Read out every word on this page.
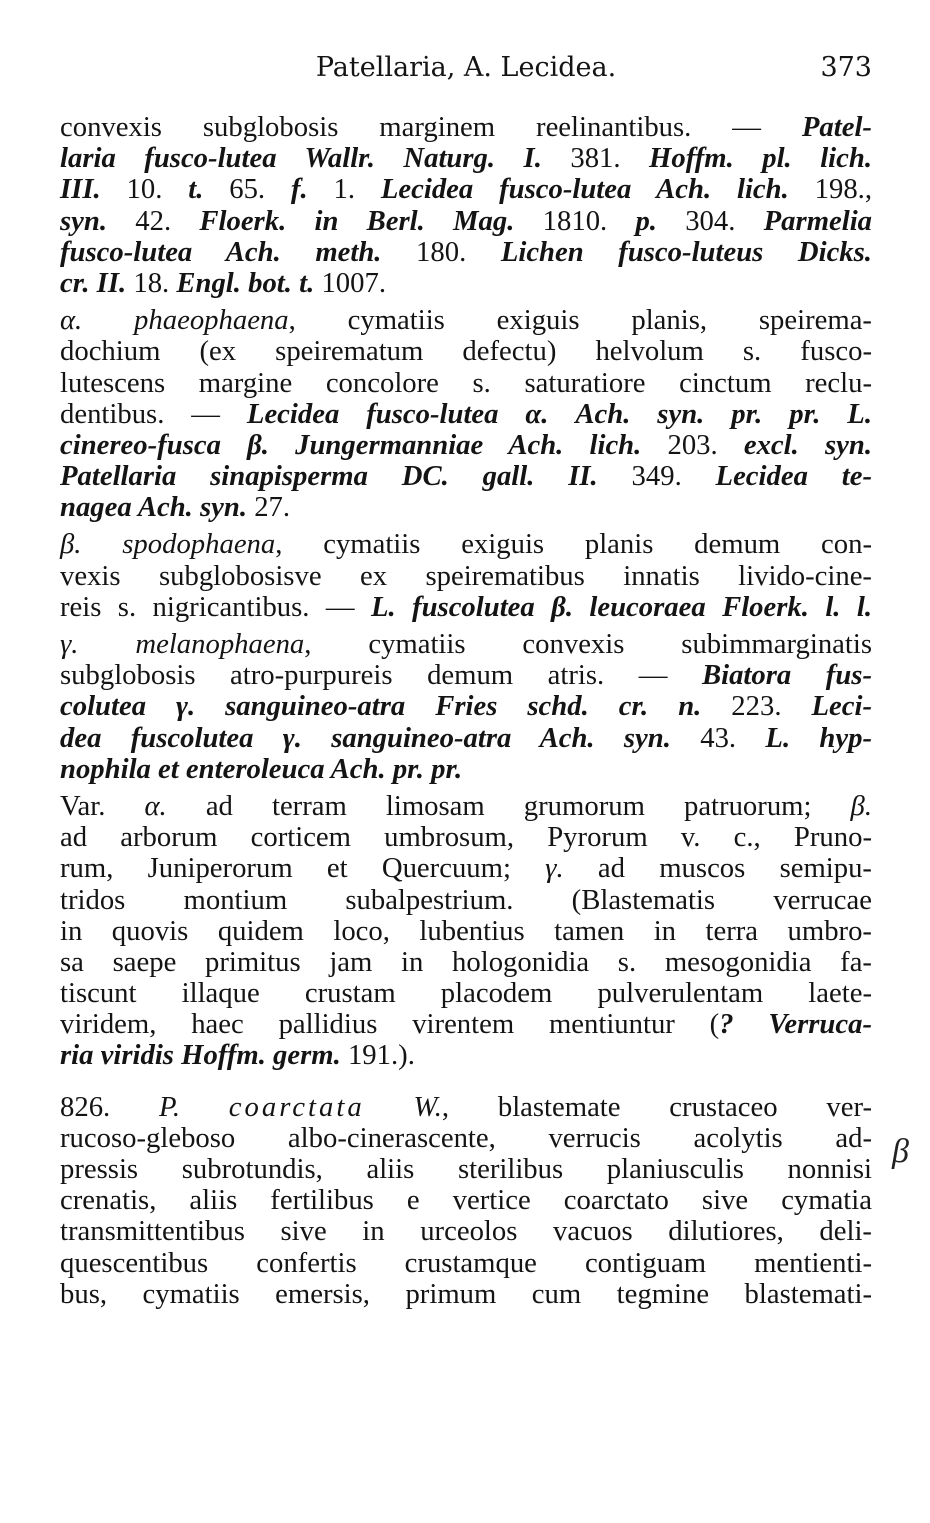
Patellaria, A. Lecidea.	373
convexis subglobosis marginem reelinantibus. — Patel-
laria fusco-lutea Wallr. Naturg. I. 381. Hoffm. pl. lich.
III. 10. t. 65. f. 1. Lecidea fusco-lutea Ach. lich. 198.,
syn. 42. Floerk. in Berl. Mag. 1810. p. 304. Parmelia
fusco-lutea Ach. meth. 180. Lichen fusco-luteus Dicks.
cr. II. 18. Engl. bot. t. 1007.
α. phaeophaena, cymatiis exiguis planis, speirema-
dochium (ex speirematum defectu) helvolum s. fusco-
lutescens margine concolore s. saturatiore cinctum reclu-
dentibus. — Lecidea fusco-lutea α. Ach. syn. pr. pr. L.
cinereo-fusca β. Jungermanniae Ach. lich. 203. excl. syn.
Patellaria sinapisperma DC. gall. II. 349. Lecidea te-
nagea Ach. syn. 27.
β. spodophaena, cymatiis exiguis planis demum con-
vexis subglobosisve ex speirematibus innatis livido-cine-
reis s. nigricantibus. — L. fuscolutea β. leucoraea Floerk. l. l.
γ. melanophaena, cymatiis convexis subimmarginatis
subglobosis atro-purpureis demum atris. — Biatora fus-
colutea γ. sanguineo-atra Fries schd. cr. n. 223. Leci-
dea fuscolutea γ. sanguineo-atra Ach. syn. 43. L. hyp-
nophila et enteroleuca Ach. pr. pr.
Var. α. ad terram limosam grumorum patruorum; β.
ad arborum corticem umbrosum, Pyrorum v. c., Pruno-
rum, Juniperorum et Quercuum; γ. ad muscos semipu-
tridos montium subalpestrium. (Blastematis verrucae
in quovis quidem loco, lubentius tamen in terra umbro-
sa saepe primitus jam in hologonidia s. mesogonidia fa-
tiscunt illaque crustam placodem pulverulentam laete-
viridem, haec pallidius virentem mentiuntur (? Verruca-
ria viridis Hoffm. germ. 191.).
826. P. coarctata W., blastemate crustaceo ver-
rucoso-gleboso albo-cinerascente, verrucis acolytis ad-
pressis subrotundis, aliis sterilibus planiusculis nonnisi
crenatis, aliis fertilibus e vertice coarctato sive cymatia
transmittentibus sive in urceolos vacuos dilutiores, deli-
quescentibus confertis crustamque contiguam mentienti-
bus, cymatiis emersis, primum cum tegmine blastemati-
β
